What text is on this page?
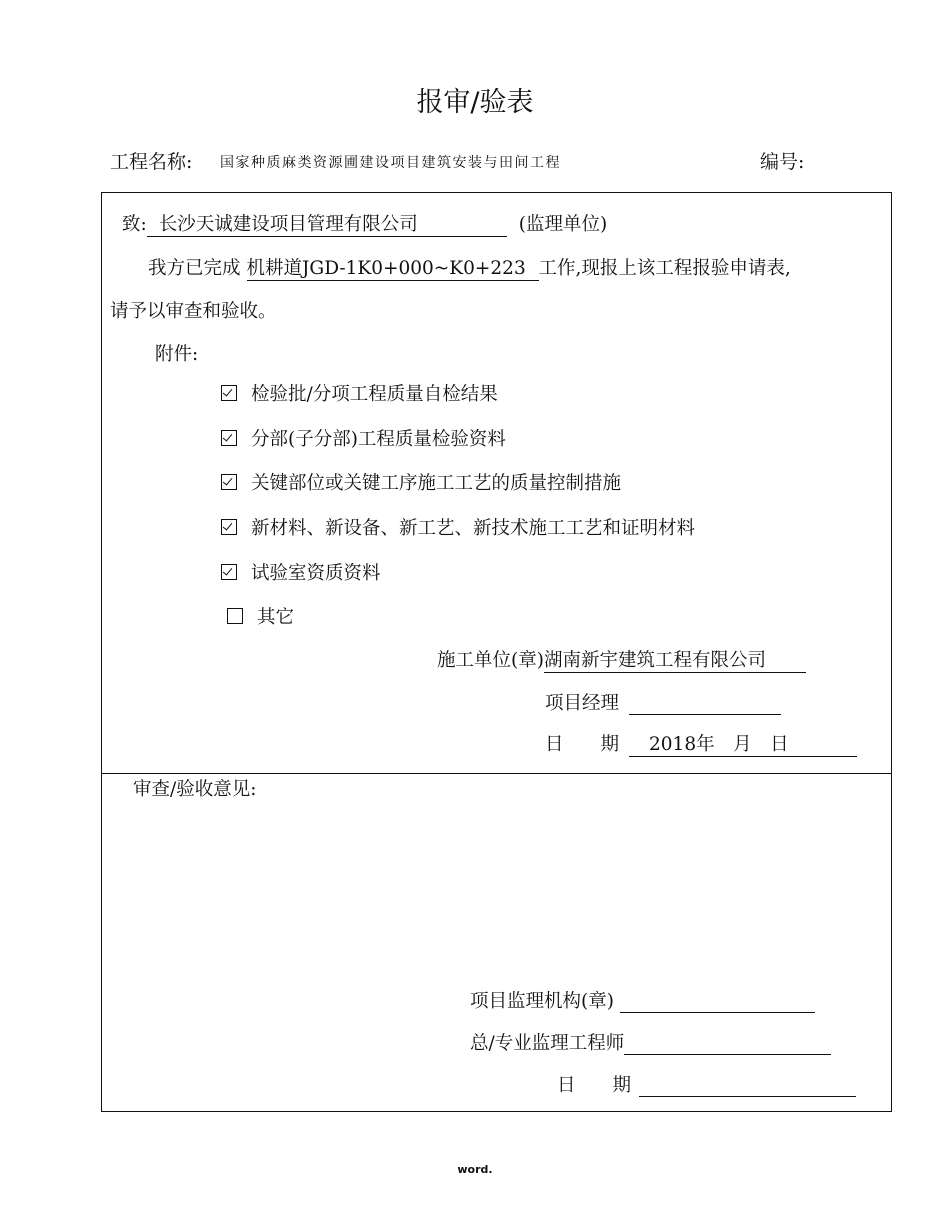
报审/验表
工程名称: 国家种质麻类资源圃建设项目建筑安装与田间工程	编号:
致: 长沙天诚建设项目管理有限公司	(监理单位)
我方已完成 机耕道JGD-1K0+000~K0+223 工作,现报上该工程报验申请表,
请予以审查和验收。
附件:
检验批/分项工程质量自检结果
分部(子分部)工程质量检验资料
关键部位或关键工序施工工艺的质量控制措施
新材料、新设备、新工艺、新技术施工工艺和证明材料
试验室资质资料
其它
施工单位(章)湖南新宇建筑工程有限公司
项目经理
日　　期 2018年　月　日
审查/验收意见:
项目监理机构(章)
总/专业监理工程师
日　　期
word.
